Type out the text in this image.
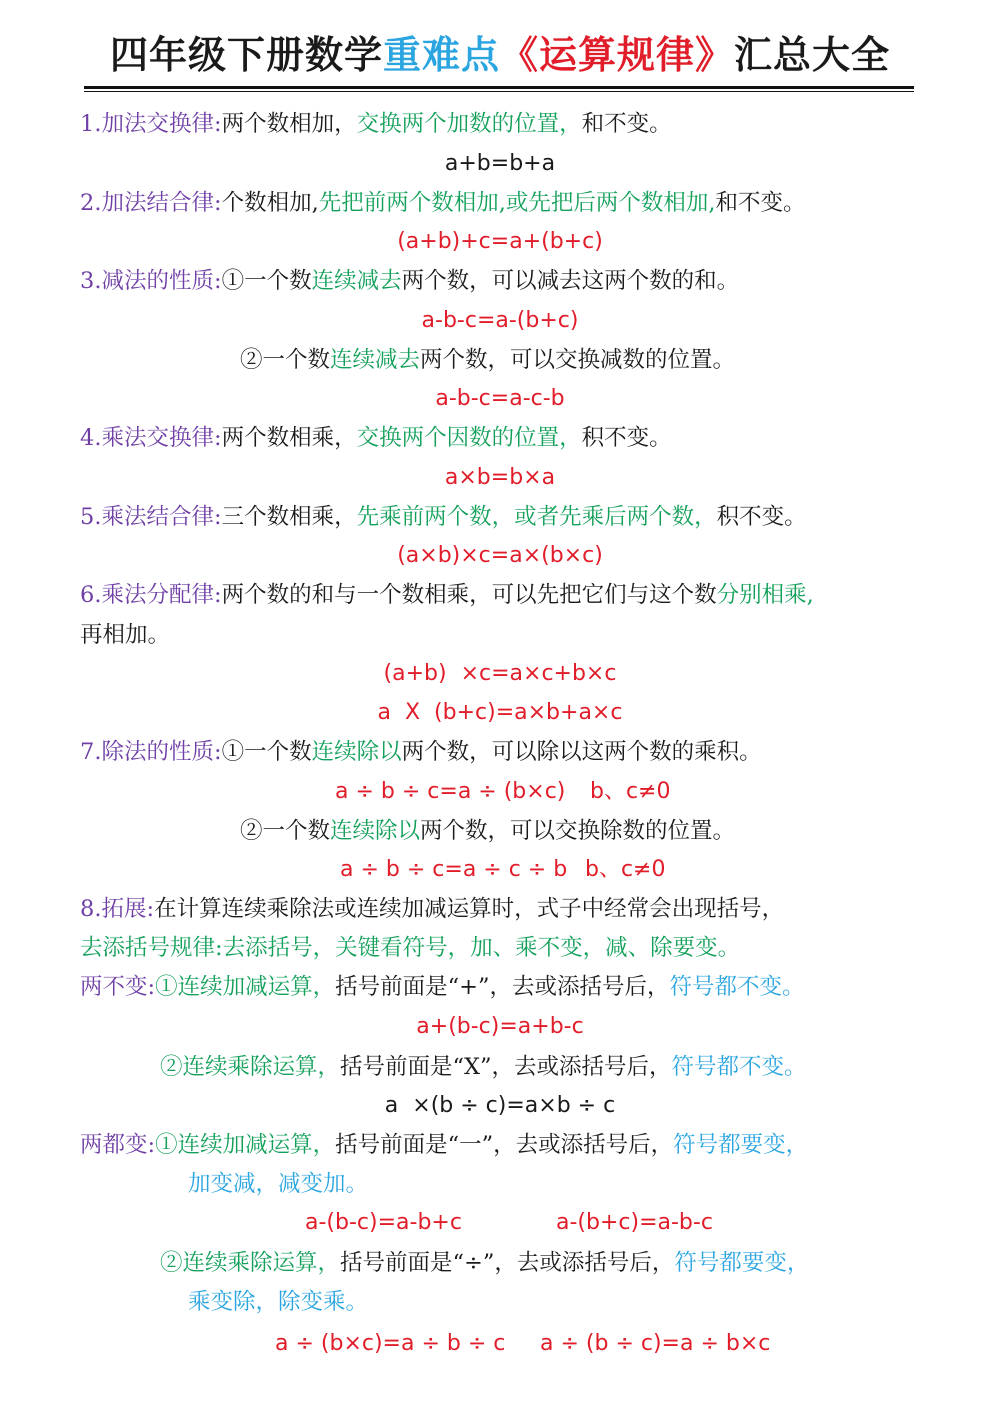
四年级下册数学重难点《运算规律》汇总大全
1.加法交换律:两个数相加，交换两个加数的位置，和不变。
a+b=b+a
2.加法结合律:个数相加,先把前两个数相加,或先把后两个数相加,和不变。
(a+b)+c=a+(b+c)
3.减法的性质:①一个数连续减去两个数，可以减去这两个数的和。
a-b-c=a-(b+c)
②一个数连续减去两个数，可以交换减数的位置。
a-b-c=a-c-b
4.乘法交换律:两个数相乘，交换两个因数的位置，积不变。
a×b=b×a
5.乘法结合律:三个数相乘，先乘前两个数，或者先乘后两个数，积不变。
(a×b)×c=a×(b×c)
6.乘法分配律:两个数的和与一个数相乘，可以先把它们与这个数分别相乘,
再相加。
(a+b)  ×c=a×c+b×c
a  X  (b+c)=a×b+a×c
7.除法的性质:①一个数连续除以两个数，可以除以这两个数的乘积。
a ÷ b ÷ c=a ÷ (b×c) b、c≠0
②一个数连续除以两个数，可以交换除数的位置。
a ÷ b ÷ c=a ÷ c ÷ b b、c≠0
8.拓展:在计算连续乘除法或连续加减运算时，式子中经常会出现括号，
去添括号规律:去添括号，关键看符号，加、乘不变，减、除要变。
两不变:①连续加减运算，括号前面是“+”，去或添括号后，符号都不变。
a+(b-c)=a+b-c
②连续乘除运算，括号前面是“X”，去或添括号后，符号都不变。
a  ×(b ÷ c)=a×b ÷ c
两都变:①连续加减运算，括号前面是“一”，去或添括号后，符号都要变，
加变减，减变加。
a-(b-c)=a-b+c	a-(b+c)=a-b-c
②连续乘除运算，括号前面是“÷”，去或添括号后，符号都要变，
乘变除，除变乘。
a ÷ (b×c)=a ÷ b ÷ c a ÷ (b ÷ c)=a ÷ b×c
